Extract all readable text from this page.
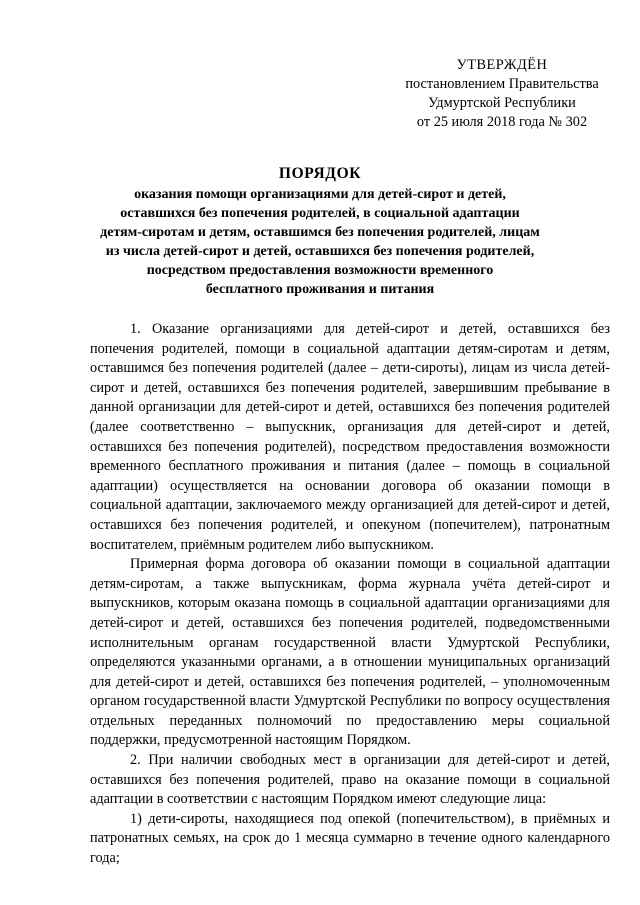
УТВЕРЖДЁН
постановлением Правительства
Удмуртской Республики
от 25 июля 2018 года № 302
ПОРЯДОК
оказания помощи организациями для детей-сирот и детей,
оставшихся без попечения родителей, в социальной адаптации
детям-сиротам и детям, оставшимся без попечения родителей, лицам
из числа детей-сирот и детей, оставшихся без попечения родителей,
посредством предоставления возможности временного
бесплатного проживания и питания

1. Оказание организациями для детей-сирот и детей, оставшихся без попечения родителей, помощи в социальной адаптации детям-сиротам и детям, оставшимся без попечения родителей (далее – дети-сироты), лицам из числа детей-сирот и детей, оставшихся без попечения родителей, завершившим пребывание в данной организации для детей-сирот и детей, оставшихся без попечения родителей (далее соответственно – выпускник, организация для детей-сирот и детей, оставшихся без попечения родителей), посредством предоставления возможности временного бесплатного проживания и питания (далее – помощь в социальной адаптации) осуществляется на основании договора об оказании помощи в социальной адаптации, заключаемого между организацией для детей-сирот и детей, оставшихся без попечения родителей, и опекуном (попечителем), патронатным воспитателем, приёмным родителем либо выпускником.

Примерная форма договора об оказании помощи в социальной адаптации детям-сиротам, а также выпускникам, форма журнала учёта детей-сирот и выпускников, которым оказана помощь в социальной адаптации организациями для детей-сирот и детей, оставшихся без попечения родителей, подведомственными исполнительным органам государственной власти Удмуртской Республики, определяются указанными органами, а в отношении муниципальных организаций для детей-сирот и детей, оставшихся без попечения родителей, – уполномоченным органом государственной власти Удмуртской Республики по вопросу осуществления отдельных переданных полномочий по предоставлению меры социальной поддержки, предусмотренной настоящим Порядком.

2. При наличии свободных мест в организации для детей-сирот и детей, оставшихся без попечения родителей, право на оказание помощи в социальной адаптации в соответствии с настоящим Порядком имеют следующие лица:

1) дети-сироты, находящиеся под опекой (попечительством), в приёмных и патронатных семьях, на срок до 1 месяца суммарно в течение одного календарного года;
